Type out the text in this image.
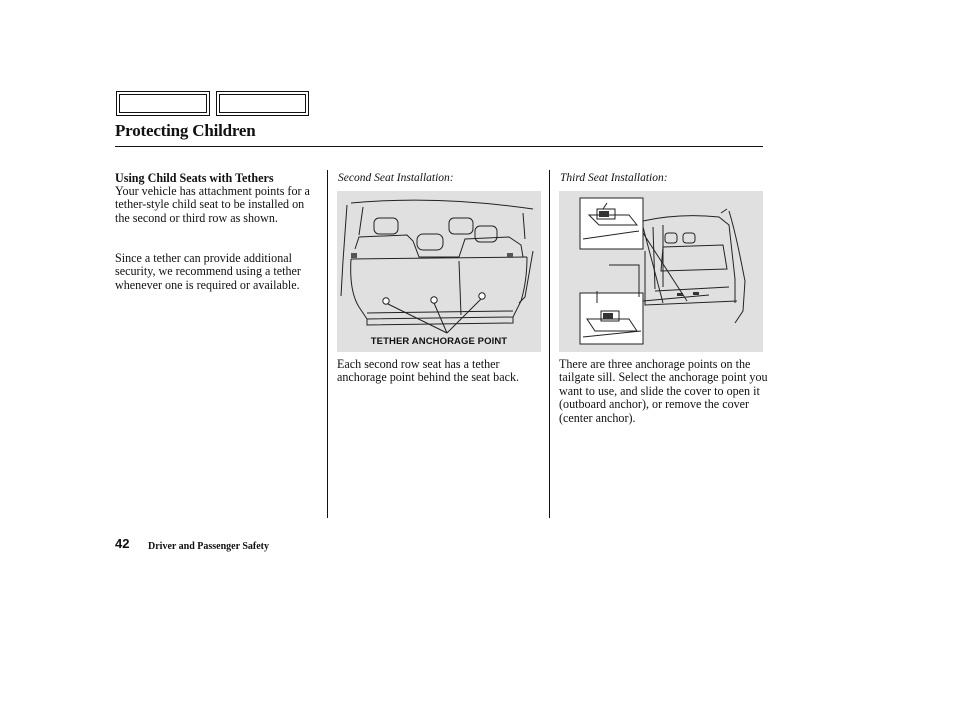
Protecting Children
Using Child Seats with Tethers

Your vehicle has attachment points for a tether-style child seat to be installed on the second or third row as shown.

Since a tether can provide additional security, we recommend using a tether whenever one is required or available.

Second Seat Installation:
TETHER ANCHORAGE POINT

Each second row seat has a tether anchorage point behind the seat back.

Third Seat Installation:

There are three anchorage points on the tailgate sill. Select the anchorage point you want to use, and slide the cover to open it (outboard anchor), or remove the cover (center anchor).

42 Driver and Passenger Safety
